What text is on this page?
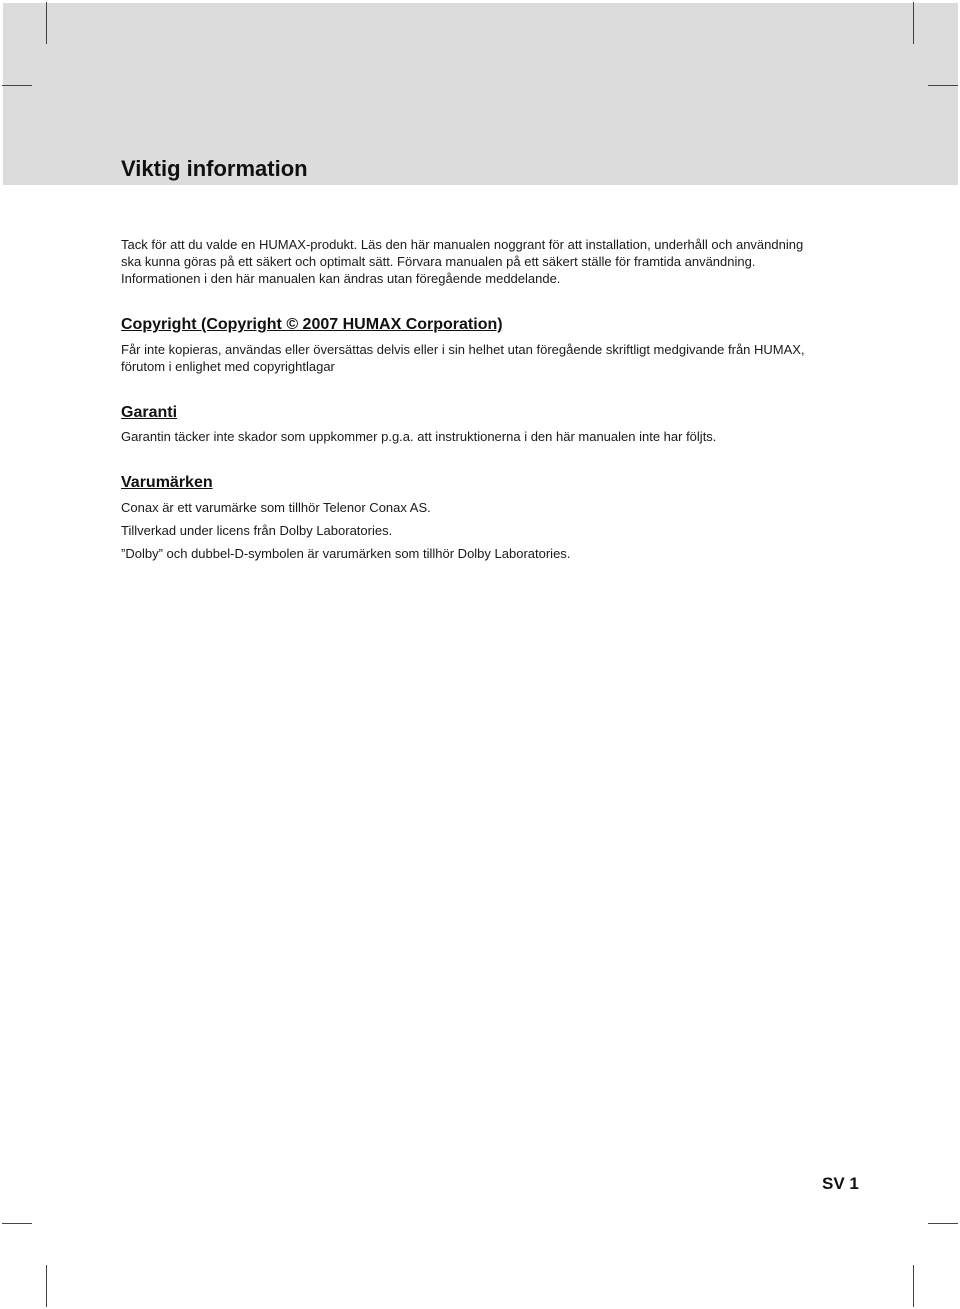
Viktig information

Tack för att du valde en HUMAX-produkt. Läs den här manualen noggrant för att installation, underhåll och användning

ska kunna göras på ett säkert och optimalt sätt. Förvara manualen på ett säkert ställe för framtida användning.

Informationen i den här manualen kan ändras utan föregående meddelande.

Copyright (Copyright © 2007 HUMAX Corporation)

Får inte kopieras, användas eller översättas delvis eller i sin helhet utan föregående skriftligt medgivande från HUMAX,

förutom i enlighet med copyrightlagar

Garanti

Garantin täcker inte skador som uppkommer p.g.a. att instruktionerna i den här manualen inte har följts.

Varumärken

Conax är ett varumärke som tillhör Telenor Conax AS.

Tillverkad under licens från Dolby Laboratories.

”Dolby” och dubbel-D-symbolen är varumärken som tillhör Dolby Laboratories.

SV 1
